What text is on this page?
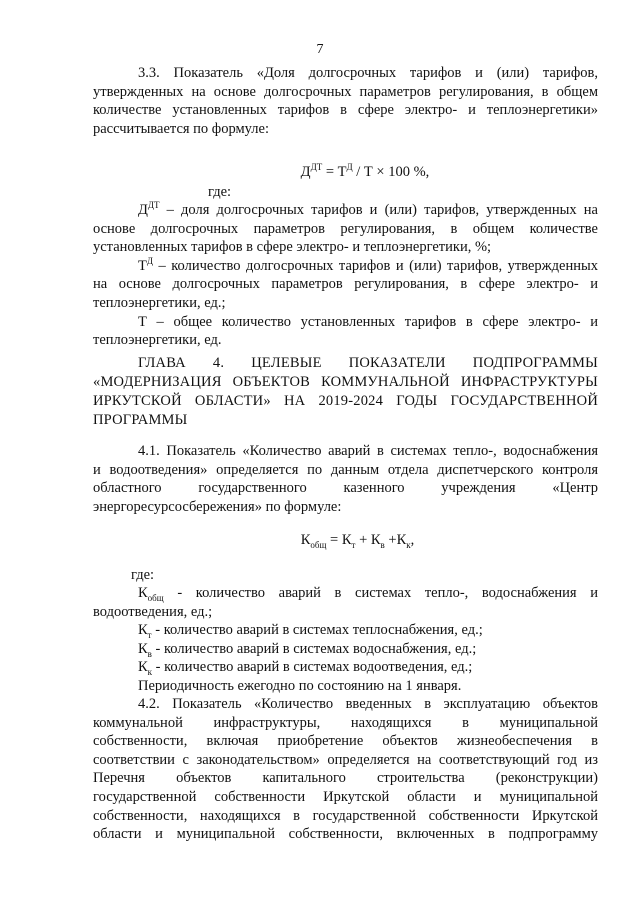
7
3.3. Показатель «Доля долгосрочных тарифов и (или) тарифов,
утвержденных на основе долгосрочных параметров регулирования, в общем
количестве установленных тарифов в сфере электро- и теплоэнергетики»
рассчитывается по формуле:
$Д^{ДТ} = Т^Д / Т \times 100$ %,
где:
$Д^{ДТ}$ – доля долгосрочных тарифов и (или) тарифов, утвержденных на
основе долгосрочных параметров регулирования, в общем количестве
установленных тарифов в сфере электро- и теплоэнергетики, %;
$Т^Д$ – количество долгосрочных тарифов и (или) тарифов, утвержденных
на основе долгосрочных параметров регулирования, в сфере электро- и
теплоэнергетики, ед.;
Т – общее количество установленных тарифов в сфере электро- и
теплоэнергетики, ед.
ГЛАВА 4. ЦЕЛЕВЫЕ ПОКАЗАТЕЛИ ПОДПРОГРАММЫ
«МОДЕРНИЗАЦИЯ ОБЪЕКТОВ КОММУНАЛЬНОЙ ИНФРАСТРУКТУРЫ
ИРКУТСКОЙ ОБЛАСТИ» НА 2019-2024 ГОДЫ ГОСУДАРСТВЕННОЙ
ПРОГРАММЫ
4.1. Показатель «Количество аварий в системах тепло-, водоснабжения
и водоотведения» определяется по данным отдела диспетчерского контроля
областного государственного казенного учреждения «Центр
энергоресурсосбережения» по формуле:
$К_{общ} = К_т + К_в +К_к$,
где:
$К_{общ}$ - количество аварий в системах тепло-, водоснабжения и
водоотведения, ед.;
$К_т$ - количество аварий в системах теплоснабжения, ед.;
$К_в$ - количество аварий в системах водоснабжения, ед.;
$К_к$ - количество аварий в системах водоотведения, ед.;
Периодичность ежегодно по состоянию на 1 января.
4.2. Показатель «Количество введенных в эксплуатацию объектов
коммунальной инфраструктуры, находящихся в муниципальной
собственности, включая приобретение объектов жизнеобеспечения в
соответствии с законодательством» определяется на соответствующий год из
Перечня объектов капитального строительства (реконструкции)
государственной собственности Иркутской области и муниципальной
собственности, находящихся в государственной собственности Иркутской
области и муниципальной собственности, включенных в подпрограмму
